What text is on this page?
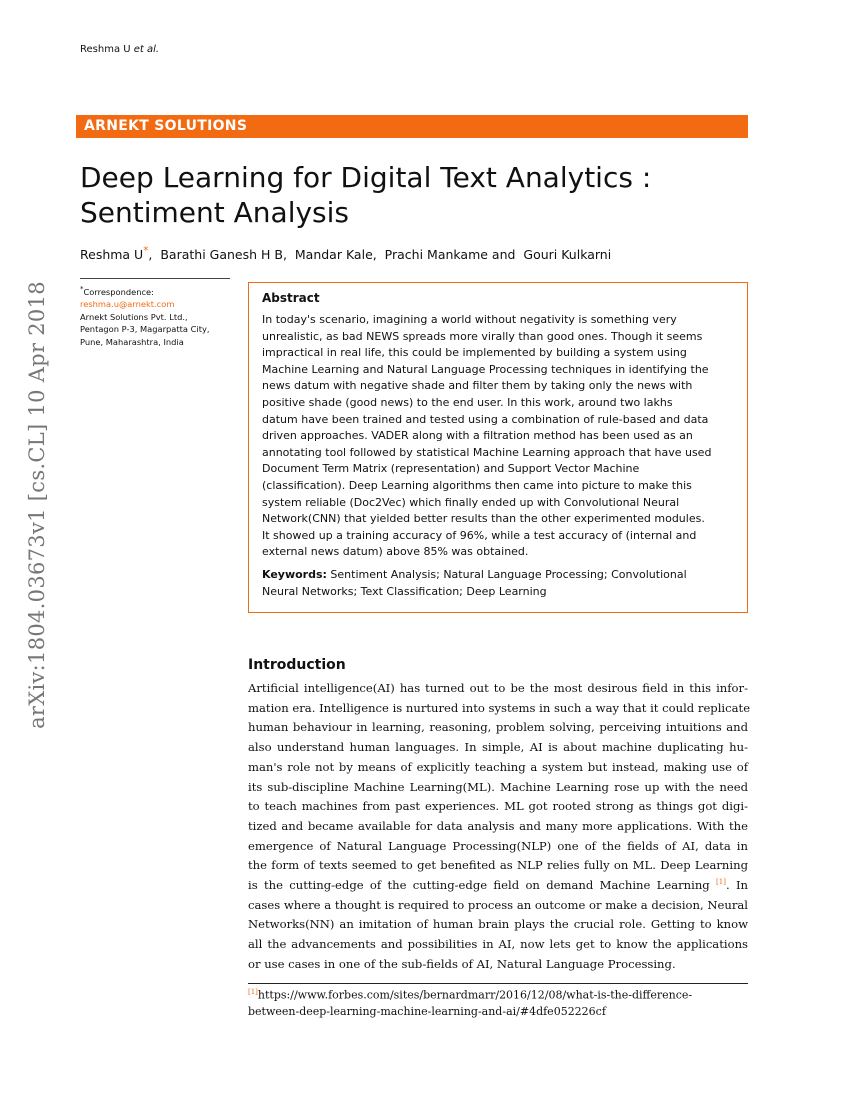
Reshma U et al.
ARNEKT SOLUTIONS
Deep Learning for Digital Text Analytics :
Sentiment Analysis
Reshma U*,  Barathi Ganesh H B,  Mandar Kale,  Prachi Mankame and  Gouri Kulkarni
*Correspondence:
reshma.u@arnekt.com
Arnekt Solutions Pvt. Ltd.,
Pentagon P-3, Magarpatta City,
Pune, Maharashtra, India
arXiv:1804.03673v1 [cs.CL] 10 Apr 2018	Abstract
In today's scenario, imagining a world without negativity is something very
unrealistic, as bad NEWS spreads more virally than good ones. Though it seems
impractical in real life, this could be implemented by building a system using
Machine Learning and Natural Language Processing techniques in identifying the
news datum with negative shade and filter them by taking only the news with
positive shade (good news) to the end user. In this work, around two lakhs
datum have been trained and tested using a combination of rule-based and data
driven approaches. VADER along with a filtration method has been used as an
annotating tool followed by statistical Machine Learning approach that have used
Document Term Matrix (representation) and Support Vector Machine
(classification). Deep Learning algorithms then came into picture to make this
system reliable (Doc2Vec) which finally ended up with Convolutional Neural
Network(CNN) that yielded better results than the other experimented modules.
It showed up a training accuracy of 96%, while a test accuracy of (internal and
external news datum) above 85% was obtained.
Keywords: Sentiment Analysis; Natural Language Processing; Convolutional
Neural Networks; Text Classification; Deep Learning
Introduction
Artificial intelligence(AI) has turned out to be the most desirous field in this infor-
mation era. Intelligence is nurtured into systems in such a way that it could replicate
human behaviour in learning, reasoning, problem solving, perceiving intuitions and
also understand human languages. In simple, AI is about machine duplicating hu-
man's role not by means of explicitly teaching a system but instead, making use of
its sub-discipline Machine Learning(ML). Machine Learning rose up with the need
to teach machines from past experiences. ML got rooted strong as things got digi-
tized and became available for data analysis and many more applications. With the
emergence of Natural Language Processing(NLP) one of the fields of AI, data in
the form of texts seemed to get benefited as NLP relies fully on ML. Deep Learning
is the cutting-edge of the cutting-edge field on demand Machine Learning [1]. In
cases where a thought is required to process an outcome or make a decision, Neural
Networks(NN) an imitation of human brain plays the crucial role. Getting to know
all the advancements and possibilities in AI, now lets get to know the applications
or use cases in one of the sub-fields of AI, Natural Language Processing.
[1]https://www.forbes.com/sites/bernardmarr/2016/12/08/what-is-the-difference-
between-deep-learning-machine-learning-and-ai/#4dfe052226cf
